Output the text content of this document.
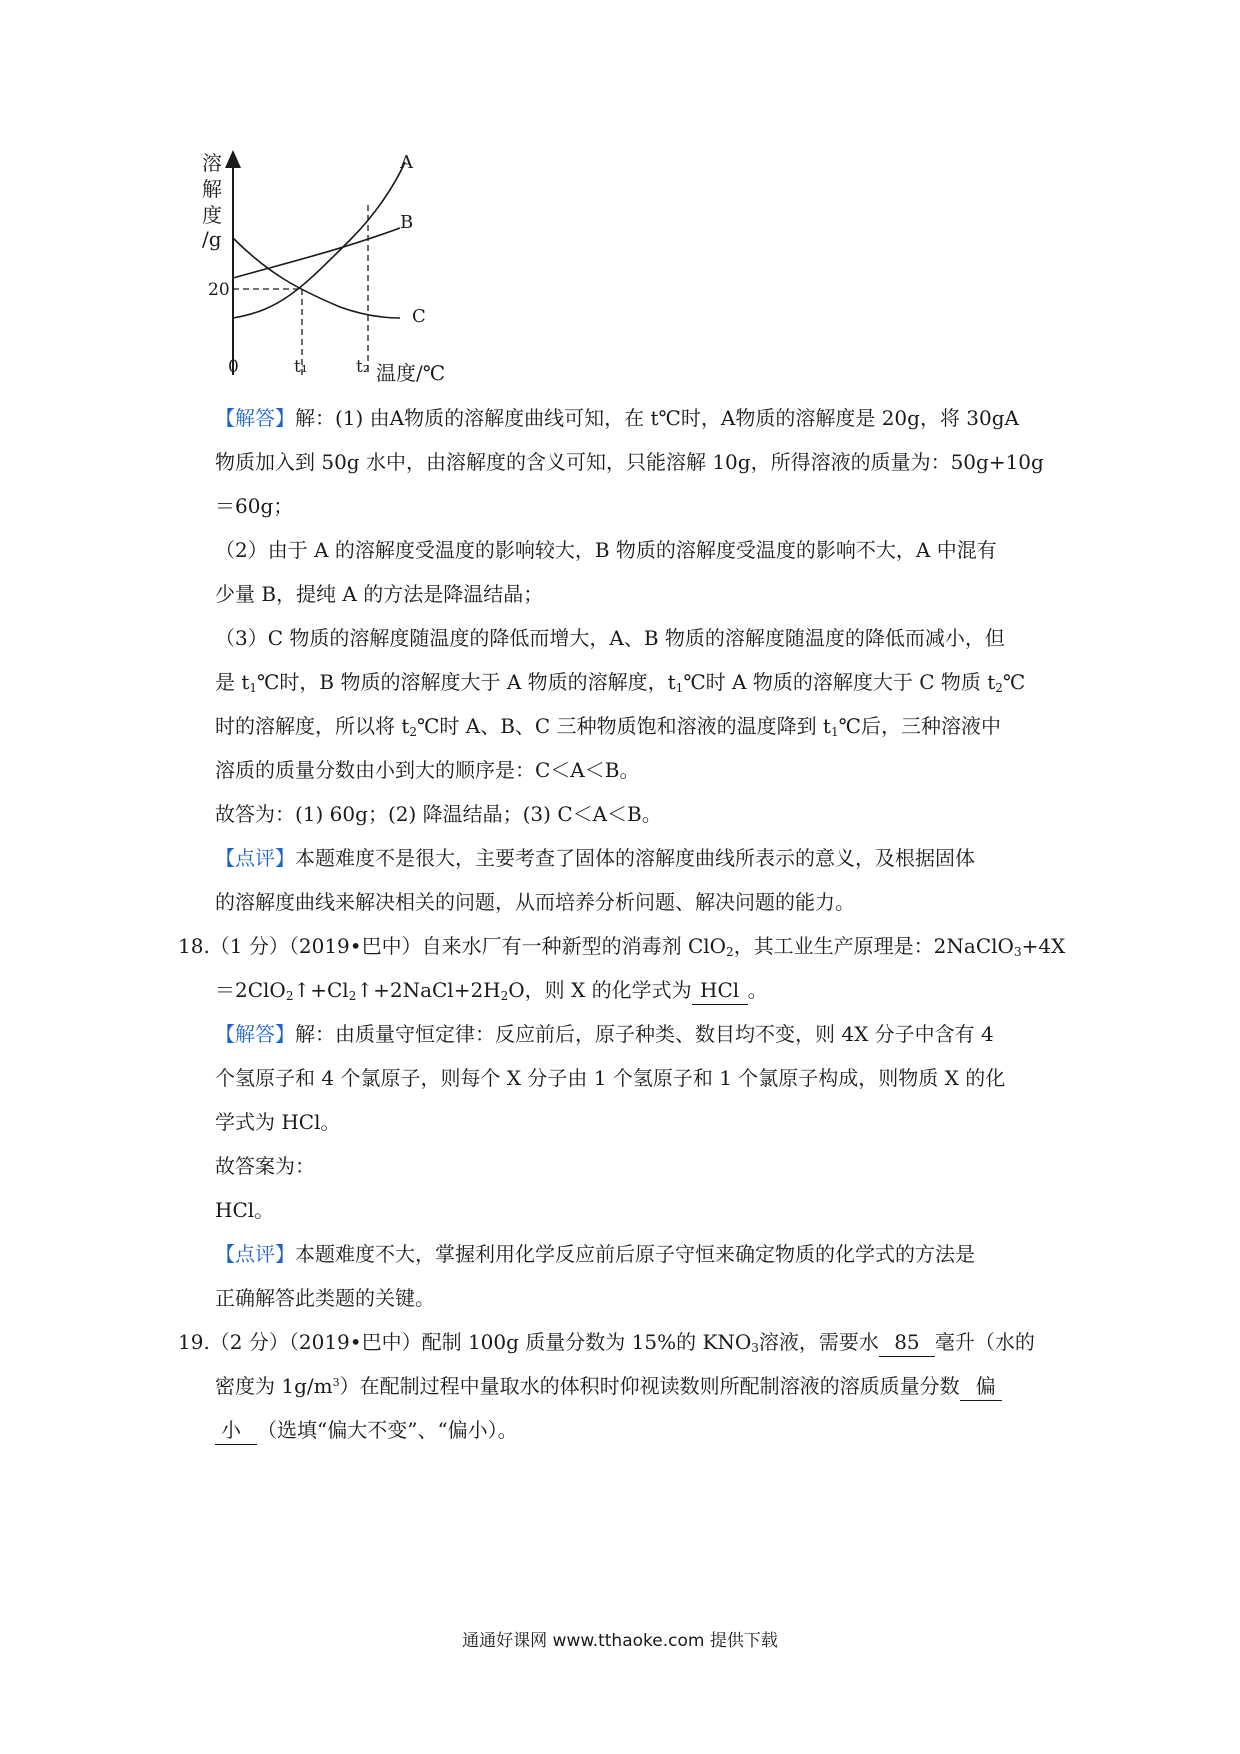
溶
解
度
/g
A
B
C
20
0	t₁	t₂ 温度/℃
【解答】解：(1) 由A物质的溶解度曲线可知，在 t℃时，A物质的溶解度是 20g，将 30gA
物质加入到 50g 水中，由溶解度的含义可知，只能溶解 10g，所得溶液的质量为：50g+10g
＝60g；
（2）由于 A 的溶解度受温度的影响较大，B 物质的溶解度受温度的影响不大，A 中混有
少量 B，提纯 A 的方法是降温结晶；
（3）C 物质的溶解度随温度的降低而增大，A、B 物质的溶解度随温度的降低而减小，但
是 $t_1℃$时，B 物质的溶解度大于 A 物质的溶解度，$t_1℃$时 A 物质的溶解度大于 C 物质 $t_2℃$
时的溶解度，所以将 $t_2℃$时 A、B、C 三种物质饱和溶液的温度降到 $t_1℃$后，三种溶液中
溶质的质量分数由小到大的顺序是：C＜A＜B。
故答为：(1) 60g；(2) 降温结晶；(3) C＜A＜B。
【点评】本题难度不是很大，主要考查了固体的溶解度曲线所表示的意义，及根据固体
的溶解度曲线来解决相关的问题，从而培养分析问题、解决问题的能力。
18.（1 分）（2019•巴中）自来水厂有一种新型的消毒剂 ClO$_2$，其工业生产原理是：2NaClO$_3$+4X
$=2ClO_2↑+Cl_2↑+2NaCl+2H_2O$，则 X 的化学式为 HCl 。
【解答】解：由质量守恒定律：反应前后，原子种类、数目均不变，则 4X 分子中含有 4
个氢原子和 4 个氯原子，则每个 X 分子由 1 个氢原子和 1 个氯原子构成，则物质 X 的化
学式为 HCl。
故答案为：
HCl。
【点评】本题难度不大，掌握利用化学反应前后原子守恒来确定物质的化学式的方法是
正确解答此类题的关键。
19.（2 分）（2019•巴中）配制 100g 质量分数为 15%的 $KNO_3$溶液，需要水 85 毫升（水的
密度为 $1g/m^3$）在配制过程中量取水的体积时仰视读数则所配制溶液的溶质质量分数 偏
小 （选填“偏大不变”、“偏小）。
通通好课网 www.tthaoke.com 提供下载
